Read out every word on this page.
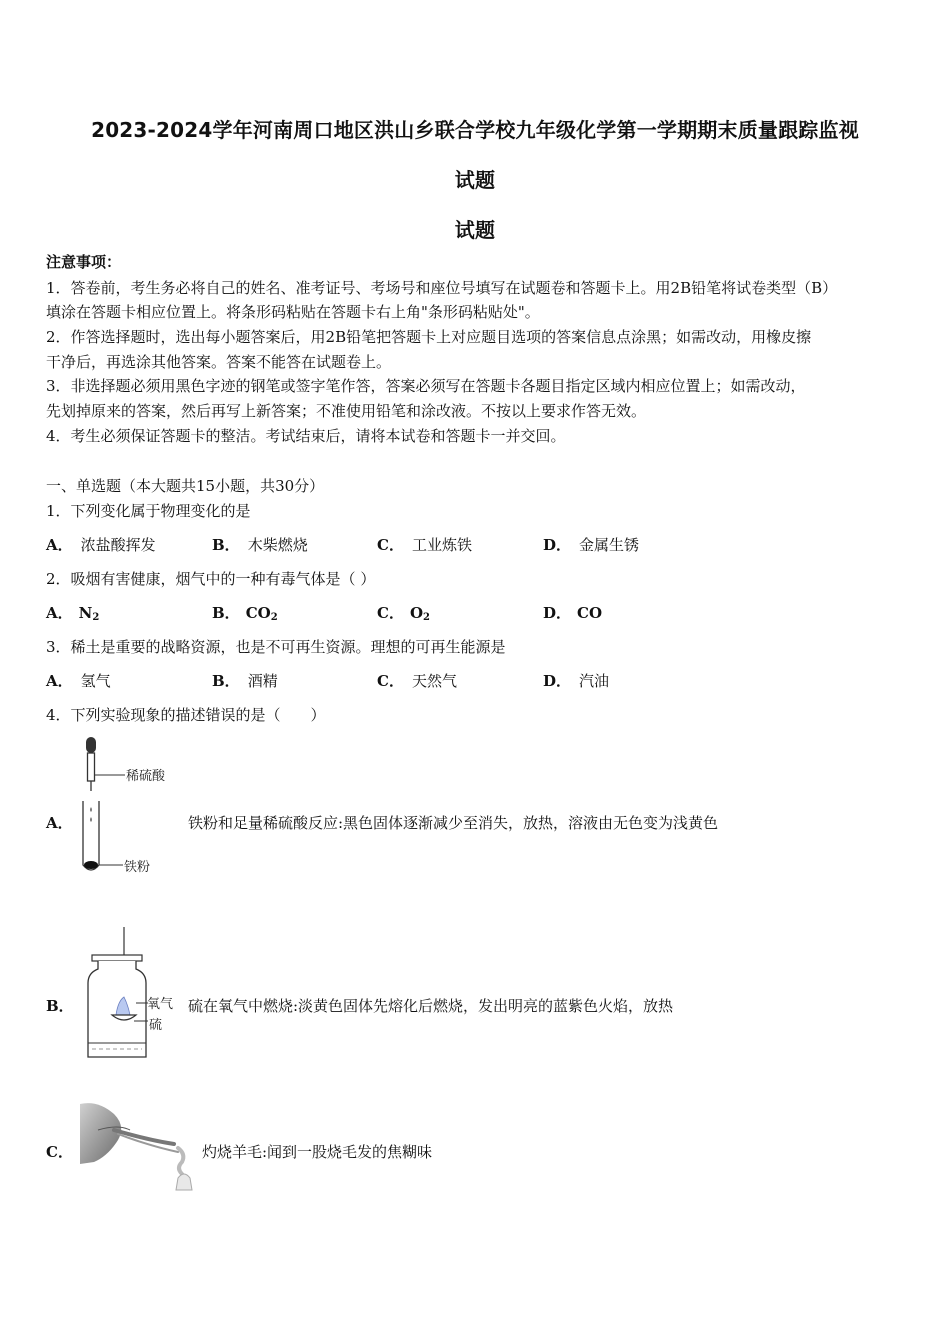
2023-2024学年河南周口地区洪山乡联合学校九年级化学第一学期期末质量跟踪监视
试题
试题
注意事项：
1．答卷前，考生务必将自己的姓名、准考证号、考场号和座位号填写在试题卷和答题卡上。用2B铅笔将试卷类型（B）
填涂在答题卡相应位置上。将条形码粘贴在答题卡右上角"条形码粘贴处"。
2．作答选择题时，选出每小题答案后，用2B铅笔把答题卡上对应题目选项的答案信息点涂黑；如需改动，用橡皮擦
干净后，再选涂其他答案。答案不能答在试题卷上。
3．非选择题必须用黑色字迹的钢笔或签字笔作答，答案必须写在答题卡各题目指定区域内相应位置上；如需改动，
先划掉原来的答案，然后再写上新答案；不准使用铅笔和涂改液。不按以上要求作答无效。
4．考生必须保证答题卡的整洁。考试结束后，请将本试卷和答题卡一并交回。
一、单选题（本大题共15小题，共30分）
1．下列变化属于物理变化的是
A． 浓盐酸挥发	B． 木柴燃烧	C． 工业炼铁	D． 金属生锈
2．吸烟有害健康，烟气中的一种有毒气体是（ ）
A． $N_2$	B． $CO_2$	C． $O_2$	D． CO
3．稀土是重要的战略资源，也是不可再生资源。理想的可再生能源是
A． 氢气	B． 酒精	C． 天然气	D． 汽油
4．下列实验现象的描述错误的是（　　）
A．
稀硫酸
铁粉
铁粉和足量稀硫酸反应:黑色固体逐渐减少至消失，放热，溶液由无色变为浅黄色
B．	氧气
硫
硫在氧气中燃烧:淡黄色固体先熔化后燃烧，发出明亮的蓝紫色火焰，放热
C．	灼烧羊毛:闻到一股烧毛发的焦糊味
